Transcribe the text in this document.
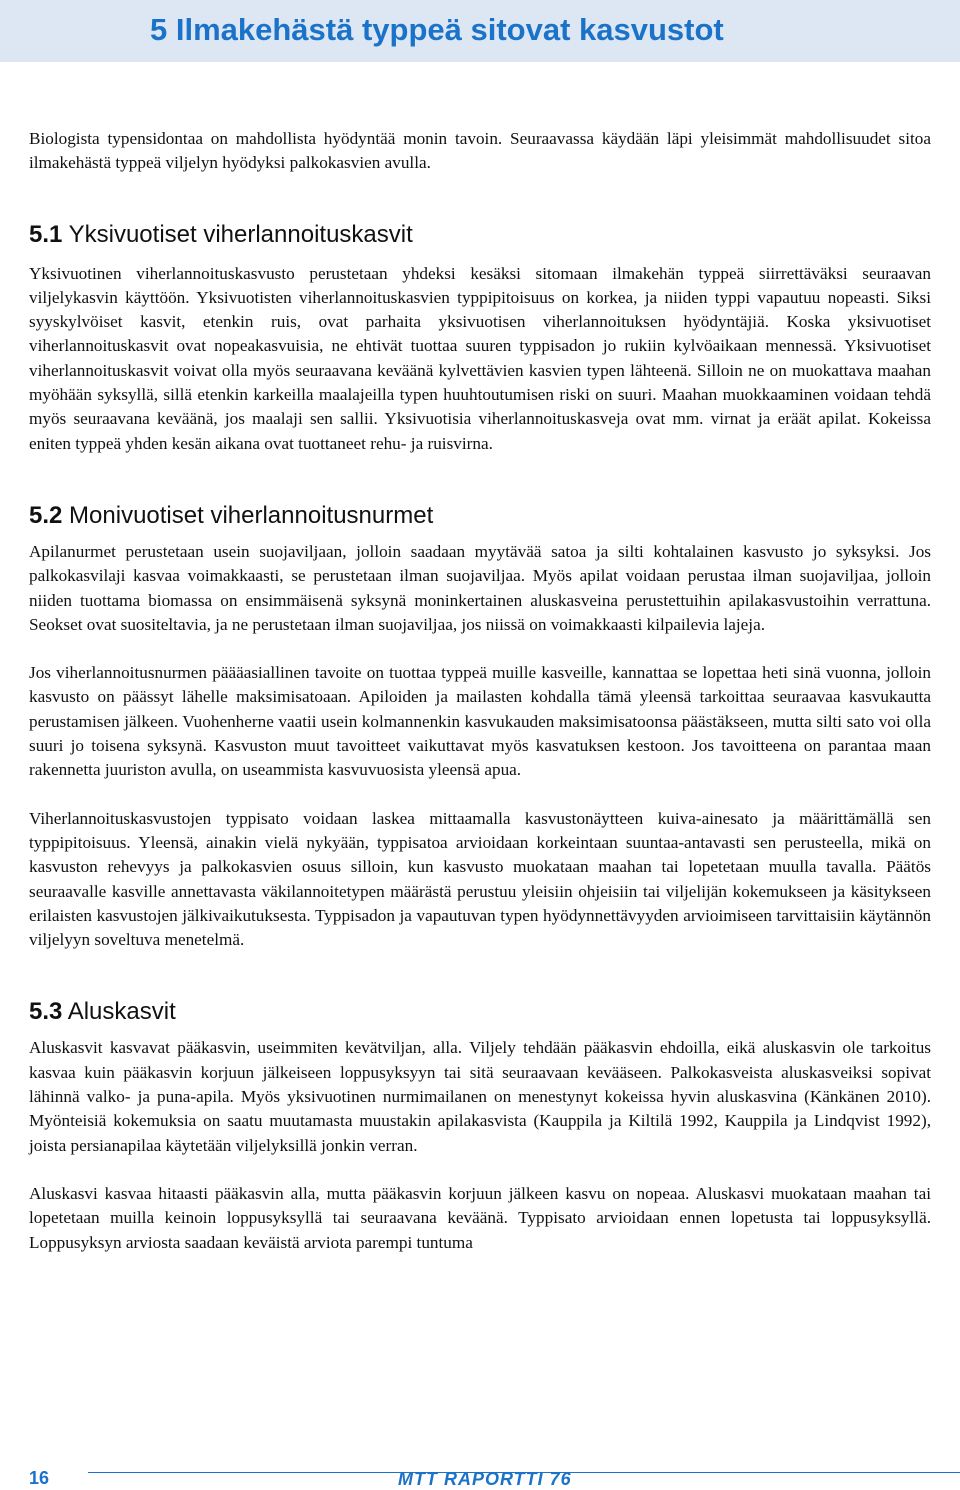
5 Ilmakehästä typpeä sitovat kasvustot

Biologista typensidontaa on mahdollista hyödyntää monin tavoin. Seuraavassa käydään läpi yleisimmät mahdollisuudet sitoa ilmakehästä typpeä viljelyn hyödyksi palkokasvien avulla.

5.1 Yksivuotiset viherlannoituskasvit

Yksivuotinen viherlannoituskasvusto perustetaan yhdeksi kesäksi sitomaan ilmakehän typpeä siirrettäväksi seuraavan viljelykasvin käyttöön. Yksivuotisten viherlannoituskasvien typpipitoisuus on korkea, ja niiden typpi vapautuu nopeasti. Siksi syyskylvöiset kasvit, etenkin ruis, ovat parhaita yksivuotisen viherlannoituksen hyödyntäjiä. Koska yksivuotiset viherlannoituskasvit ovat nopeakasvuisia, ne ehtivät tuottaa suuren typpisadon jo rukiin kylvöaikaan mennessä. Yksivuotiset viherlannoituskasvit voivat olla myös seuraavana keväänä kylvettävien kasvien typen lähteenä. Silloin ne on muokattava maahan myöhään syksyllä, sillä etenkin karkeilla maalajeilla typen huuhtoutumisen riski on suuri. Maahan muokkaaminen voidaan tehdä myös seuraavana keväänä, jos maalaji sen sallii. Yksivuotisia viherlannoituskasveja ovat mm. virnat ja eräät apilat. Kokeissa eniten typpeä yhden kesän aikana ovat tuottaneet rehu- ja ruisvirna.

5.2 Monivuotiset viherlannoitusnurmet

Apilanurmet perustetaan usein suojaviljaan, jolloin saadaan myytävää satoa ja silti kohtalainen kasvusto jo syksyksi. Jos palkokasvilaji kasvaa voimakkaasti, se perustetaan ilman suojaviljaa. Myös apilat voidaan perustaa ilman suojaviljaa, jolloin niiden tuottama biomassa on ensimmäisenä syksynä moninkertainen aluskasveina perustettuihin apilakasvustoihin verrattuna. Seokset ovat suositeltavia, ja ne perustetaan ilman suojaviljaa, jos niissä on voimakkaasti kilpailevia lajeja.

Jos viherlannoitusnurmen päääasiallinen tavoite on tuottaa typpeä muille kasveille, kannattaa se lopettaa heti sinä vuonna, jolloin kasvusto on päässyt lähelle maksimisatoaan. Apiloiden ja mailasten kohdalla tämä yleensä tarkoittaa seuraavaa kasvukautta perustamisen jälkeen. Vuohenherne vaatii usein kolmannenkin kasvukauden maksimisatoonsa päästäkseen, mutta silti sato voi olla suuri jo toisena syksynä. Kasvuston muut tavoitteet vaikuttavat myös kasvatuksen kestoon. Jos tavoitteena on parantaa maan rakennetta juuriston avulla, on useammista kasvuvuosista yleensä apua.

Viherlannoituskasvustojen typpisato voidaan laskea mittaamalla kasvustonäytteen kuiva-ainesato ja määrittämällä sen typpipitoisuus. Yleensä, ainakin vielä nykyään, typpisatoa arvioidaan korkeintaan suuntaa-antavasti sen perusteella, mikä on kasvuston rehevyys ja palkokasvien osuus silloin, kun kasvusto muokataan maahan tai lopetetaan muulla tavalla. Päätös seuraavalle kasville annettavasta väkilannoitetypen määrästä perustuu yleisiin ohjeisiin tai viljelijän kokemukseen ja käsitykseen erilaisten kasvustojen jälkivaikutuksesta. Typpisadon ja vapautuvan typen hyödynnettävyyden arvioimiseen tarvittaisiin käytännön viljelyyn soveltuva menetelmä.

5.3 Aluskasvit

Aluskasvit kasvavat pääkasvin, useimmiten kevätviljan, alla. Viljely tehdään pääkasvin ehdoilla, eikä aluskasvin ole tarkoitus kasvaa kuin pääkasvin korjuun jälkeiseen loppusyksyyn tai sitä seuraavaan kevääseen. Palkokasveista aluskasveiksi sopivat lähinnä valko- ja puna-apila. Myös yksivuotinen nurmimailanen on menestynyt kokeissa hyvin aluskasvina (Känkänen 2010). Myönteisiä kokemuksia on saatu muutamasta muustakin apilakasvista (Kauppila ja Kiltilä 1992, Kauppila ja Lindqvist 1992), joista persianapilaa käytetään viljelyksillä jonkin verran.

Aluskasvi kasvaa hitaasti pääkasvin alla, mutta pääkasvin korjuun jälkeen kasvu on nopeaa. Aluskasvi muokataan maahan tai lopetetaan muilla keinoin loppusyksyllä tai seuraavana keväänä. Typpisato arvioidaan ennen lopetusta tai loppusyksyllä. Loppusyksyn arviosta saadaan keväistä arviota parempi tuntuma

16	MTT RAPORTTI 76
